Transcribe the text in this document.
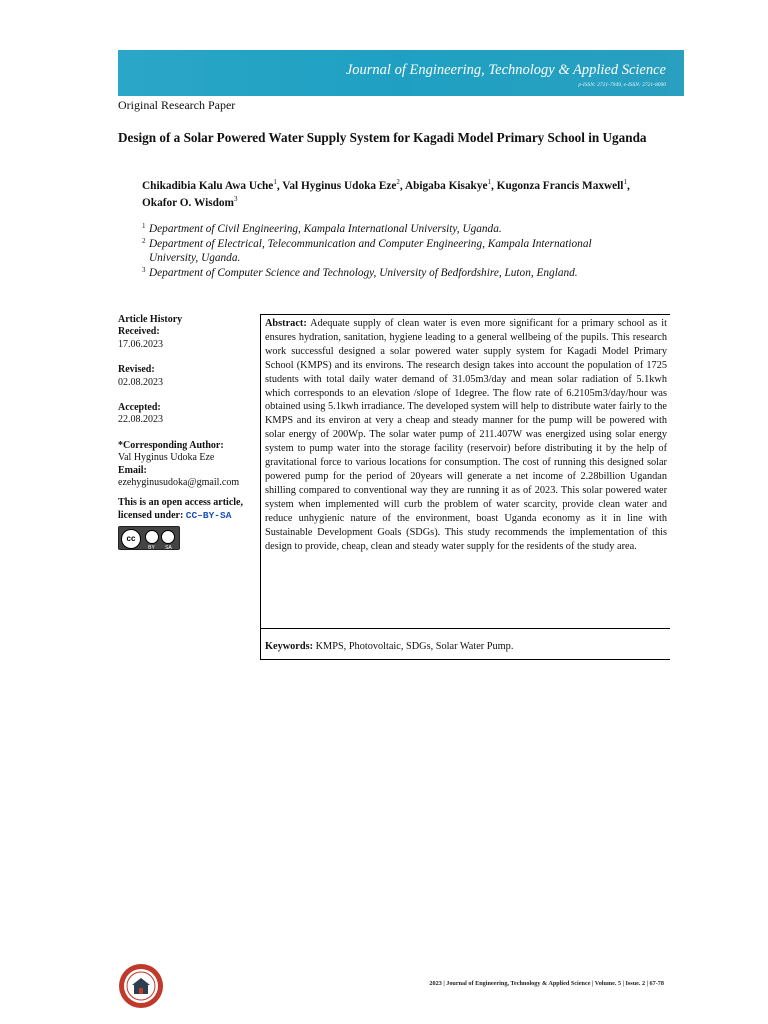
Journal of Engineering, Technology & Applied Science
p-ISSN: 2721-7949, e-ISSN: 2721-8090
Original Research Paper
Design of a Solar Powered Water Supply System for Kagadi Model Primary School in Uganda
Chikadibia Kalu Awa Uche$^1$, Val Hyginus Udoka Eze$^2$, Abigaba Kisakye$^1$, Kugonza Francis Maxwell$^1$, Okafor O. Wisdom$^3$
1 Department of Civil Engineering, Kampala International University, Uganda.
2 Department of Electrical, Telecommunication and Computer Engineering, Kampala International University, Uganda.
3 Department of Computer Science and Technology, University of Bedfordshire, Luton, England.
Article History
Received:
17.06.2023
Revised:
02.08.2023
Accepted:
22.08.2023
*Corresponding Author:
Val Hyginus Udoka Eze
Email:
ezehyginusudoka@gmail.com
This is an open access article, licensed under: CC–BY-SA
cc
BY SA
Abstract: Adequate supply of clean water is even more significant for a primary school as it ensures hydration, sanitation, hygiene leading to a general wellbeing of the pupils. This research work successful designed a solar powered water supply system for Kagadi Model Primary School (KMPS) and its environs. The research design takes into account the population of 1725 students with total daily water demand of 31.05m3/day and mean solar radiation of 5.1kwh which corresponds to an elevation /slope of 1degree. The flow rate of 6.2105m3/day/hour was obtained using 5.1kwh irradiance. The developed system will help to distribute water fairly to the KMPS and its environ at very a cheap and steady manner for the pump will be powered with solar energy of 200Wp. The solar water pump of 211.407W was energized using solar energy system to pump water into the storage facility (reservoir) before distributing it by the help of gravitational force to various locations for consumption. The cost of running this designed solar powered pump for the period of 20years will generate a net income of 2.28billion Ugandan shilling compared to conventional way they are running it as of 2023. This solar powered water system when implemented will curb the problem of water scarcity, provide clean water and reduce unhygienic nature of the environment, boast Uganda economy as it in line with Sustainable Development Goals (SDGs). This study recommends the implementation of this design to provide, cheap, clean and steady water supply for the residents of the study area.
Keywords: KMPS, Photovoltaic, SDGs, Solar Water Pump.
2023 | Journal of Engineering, Technology & Applied Science | Volume. 5 | Issue. 2 | 67-78
